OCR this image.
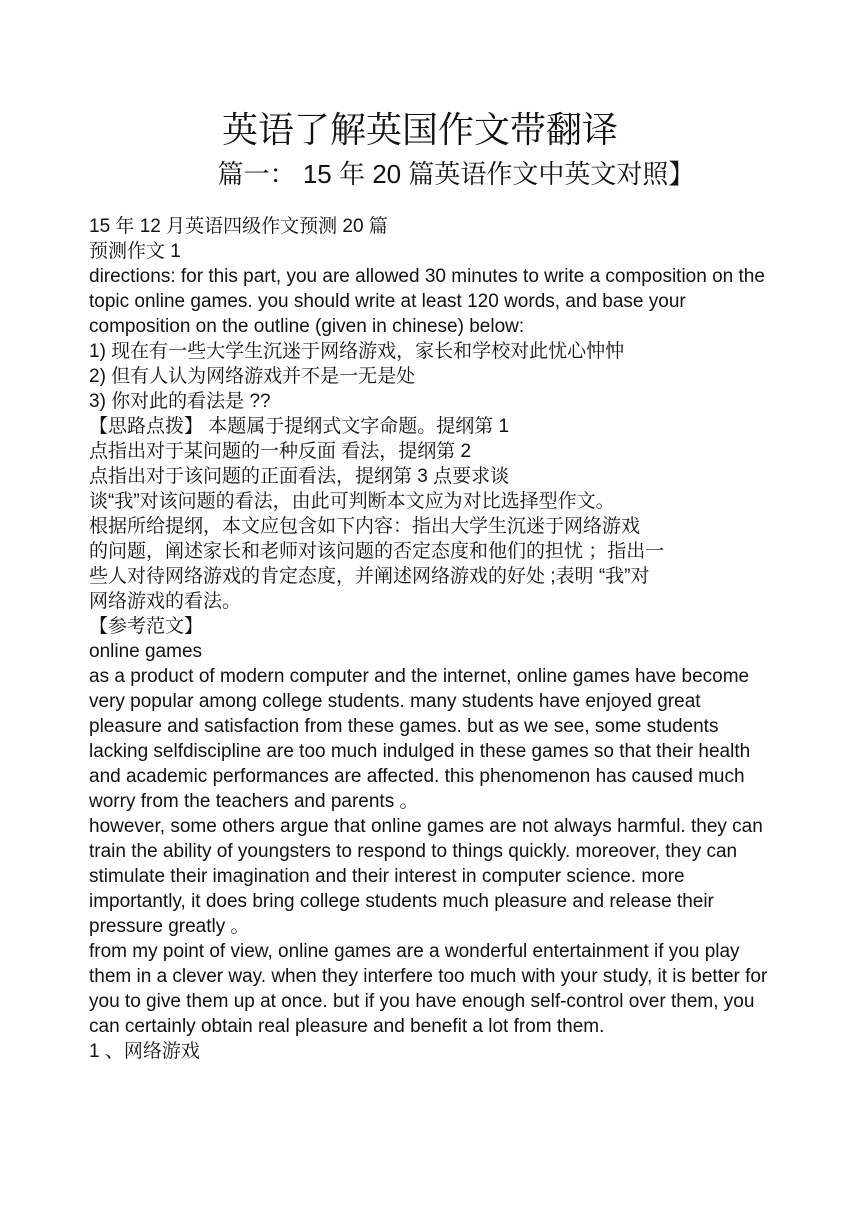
英语了解英国作文带翻译
篇一： 15 年 20 篇英语作文中英文对照】

15 年 12 月英语四级作文预测 20 篇

预测作文 1

directions: for this part, you are allowed 30 minutes to write a composition on the

topic online games. you should write at least 120 words, and base your

composition on the outline (given in chinese) below:

1) 现在有一些大学生沉迷于网络游戏，家长和学校对此忧心忡忡

2) 但有人认为网络游戏并不是一无是处

3) 你对此的看法是 ??

【思路点拨】 本题属于提纲式文字命题。提纲第 1

点指出对于某问题的一种反面 看法，提纲第 2

点指出对于该问题的正面看法，提纲第 3 点要求谈

谈“我”对该问题的看法，由此可判断本文应为对比选择型作文。

根据所给提纲，本文应包含如下内容：指出大学生沉迷于网络游戏

的问题，阐述家长和老师对该问题的否定态度和他们的担忧 ；指出一

些人对待网络游戏的肯定态度，并阐述网络游戏的好处 ;表明 “我”对

网络游戏的看法。

【参考范文】

online games

as a product of modern computer and the internet, online games have become

very popular among college students. many students have enjoyed great

pleasure and satisfaction from these games. but as we see, some students

lacking selfdiscipline are too much indulged in these games so that their health

and academic performances are affected. this phenomenon has caused much

worry from the teachers and parents 。

however, some others argue that online games are not always harmful. they can

train the ability of youngsters to respond to things quickly. moreover, they can

stimulate their imagination and their interest in computer science. more

importantly, it does bring college students much pleasure and release their

pressure greatly 。

from my point of view, online games are a wonderful entertainment if you play

them in a clever way. when they interfere too much with your study, it is better for

you to give them up at once. but if you have enough self-control over them, you

can certainly obtain real pleasure and benefit a lot from them.

1 、网络游戏
